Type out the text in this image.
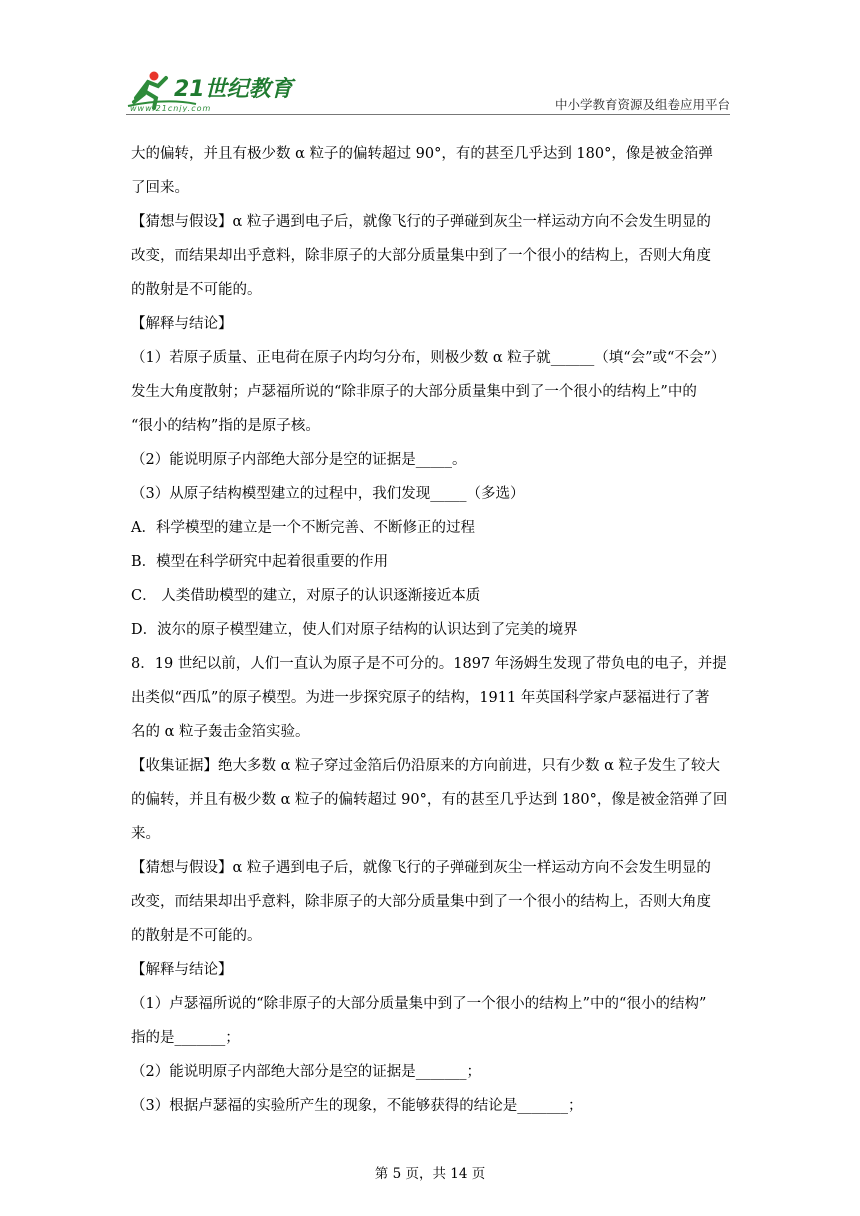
21世纪教育
www.21cnjy.com	中小学教育资源及组卷应用平台

大的偏转，并且有极少数 α 粒子的偏转超过 90°，有的甚至几乎达到 180°，像是被金箔弹

了回来。

【猜想与假设】α 粒子遇到电子后，就像飞行的子弹碰到灰尘一样运动方向不会发生明显的

改变，而结果却出乎意料，除非原子的大部分质量集中到了一个很小的结构上，否则大角度

的散射是不可能的。

【解释与结论】

（1）若原子质量、正电荷在原子内均匀分布，则极少数 α 粒子就______（填“会”或“不会”）

发生大角度散射；卢瑟福所说的“除非原子的大部分质量集中到了一个很小的结构上”中的

“很小的结构”指的是原子核。

（2）能说明原子内部绝大部分是空的证据是_____。

（3）从原子结构模型建立的过程中，我们发现_____（多选）

A．科学模型的建立是一个不断完善、不断修正的过程

B．模型在科学研究中起着很重要的作用

C． 人类借助模型的建立，对原子的认识逐渐接近本质

D．波尔的原子模型建立，使人们对原子结构的认识达到了完美的境界

8．19 世纪以前，人们一直认为原子是不可分的。1897 年汤姆生发现了带负电的电子，并提

出类似“西瓜”的原子模型。为进一步探究原子的结构，1911 年英国科学家卢瑟福进行了著

名的 α 粒子轰击金箔实验。

【收集证据】绝大多数 α 粒子穿过金箔后仍沿原来的方向前进，只有少数 α 粒子发生了较大

的偏转，并且有极少数 α 粒子的偏转超过 90°，有的甚至几乎达到 180°，像是被金箔弹了回

来。

【猜想与假设】α 粒子遇到电子后，就像飞行的子弹碰到灰尘一样运动方向不会发生明显的

改变，而结果却出乎意料，除非原子的大部分质量集中到了一个很小的结构上，否则大角度

的散射是不可能的。

【解释与结论】

（1）卢瑟福所说的“除非原子的大部分质量集中到了一个很小的结构上”中的“很小的结构”

指的是_______；

（2）能说明原子内部绝大部分是空的证据是_______；

（3）根据卢瑟福的实验所产生的现象，不能够获得的结论是_______；

第 5 页，共 14 页
